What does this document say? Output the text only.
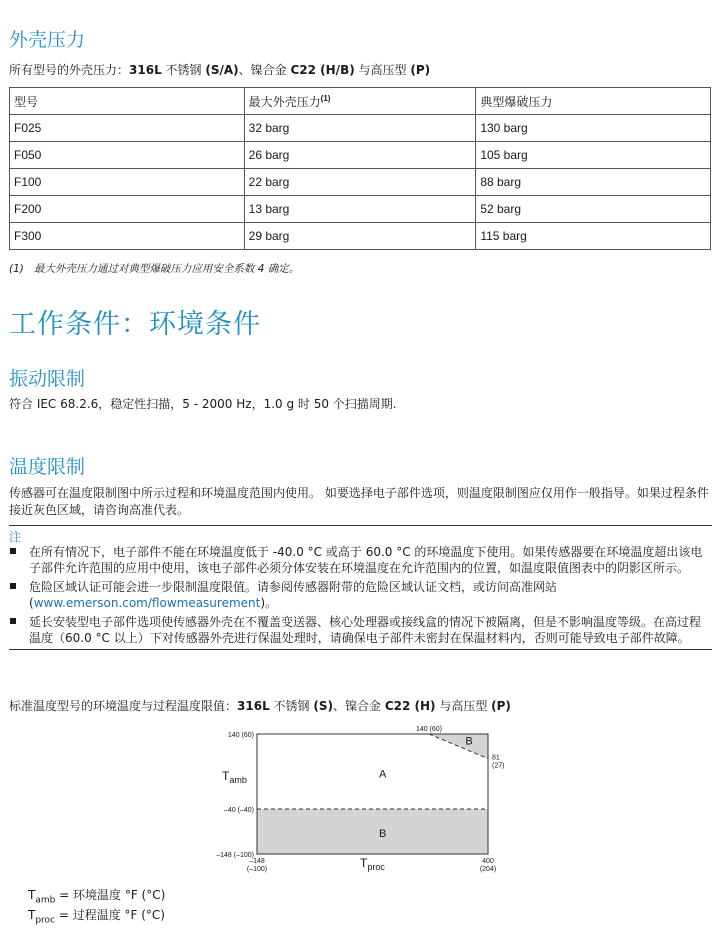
外壳压力

所有型号的外壳压力：316L 不锈钢 (S/A)、镍合金 C22 (H/B) 与高压型 (P)

型号	最大外壳压力$^{(1)}$	典型爆破压力
F025	32 barg	130 barg
F050	26 barg	105 barg
F100	22 barg	88 barg
F200	13 barg	52 barg
F300	29 barg	115 barg
(1) 最大外壳压力通过对典型爆破压力应用安全系数 4 确定。
工作条件：环境条件
振动限制

符合 IEC 68.2.6，稳定性扫描，5 - 2000 Hz，1.0 g 时 50 个扫描周期.

温度限制

传感器可在温度限制图中所示过程和环境温度范围内使用。 如要选择电子部件选项，则温度限制图应仅用作一般指导。如果过程条件接近灰色区域，请咨询高准代表。

注
在所有情况下，电子部件不能在环境温度低于 -40.0 °C 或高于 60.0 °C 的环境温度下使用。如果传感器要在环境温度超出该电子部件允许范围的应用中使用，该电子部件必须分体安装在环境温度在允许范围内的位置，如温度限值图表中的阴影区所示。
危险区域认证可能会进一步限制温度限值。请参阅传感器附带的危险区域认证文档，或访问高准网站 (www.emerson.com/flowmeasurement)。
延长安装型电子部件选项使传感器外壳在不覆盖变送器、核心处理器或接线盒的情况下被隔离，但是不影响温度等级。在高过程温度（60.0 °C 以上）下对传感器外壳进行保温处理时，请确保电子部件未密封在保温材料内，否则可能导致电子部件故障。

标准温度型号的环境温度与过程温度限值：316L 不锈钢 (S)、镍合金 C22 (H) 与高压型 (P)

A
B
B
140 (60)
–40 (–40)
–148 (–100)
–148
(–100)
400
(204)
140 (60)
81
(27)
$T_{amb}$
$T_{proc}$
$T_{amb}$ = 环境温度 °F (°C)
$T_{proc}$ = 过程温度 °F (°C)
